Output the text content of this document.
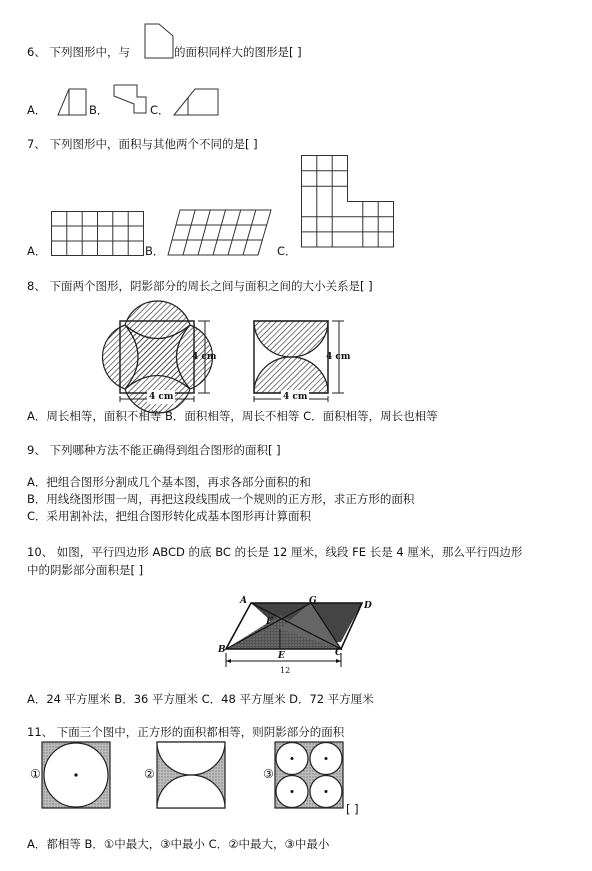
6、 下列图形中，与	的面积同样大的图形是[ ]
A．	B．	C．
7、 下列图形中，面积与其他两个不同的是[ ]
A．	B．	C．
8、 下面两个图形，阴影部分的周长之间与面积之间的大小关系是[ ]
4 cm
4 cm
4 cm
4 cm
A．周长相等，面积不相等 B．面积相等，周长不相等 C．面积相等，周长也相等
9、 下列哪种方法不能正确得到组合图形的面积[ ]
A．把组合图形分割成几个基本图，再求各部分面积的和
B．用线绕图形围一周，再把这段线围成一个规则的正方形，求正方形的面积
C．采用割补法，把组合图形转化成基本图形再计算面积
10、 如图，平行四边形 ABCD 的底 BC 的长是 12 厘米，线段 FE 长是 4 厘米，那么平行四边形
中的阴影部分面积是[ ]
A	G	D
F
B
E	C
12
A．24 平方厘米 B．36 平方厘米 C．48 平方厘米 D．72 平方厘米
11、 下面三个图中，正方形的面积都相等，则阴影部分的面积
①	②	③
[ ]
A．都相等 B．①中最大，③中最小 C．②中最大，③中最小
